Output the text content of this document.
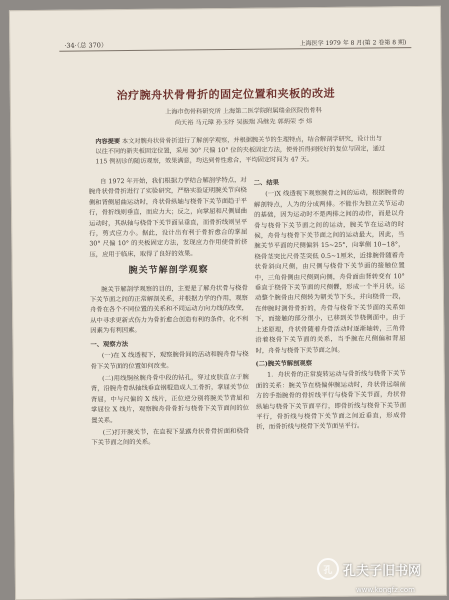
·34·（总 370）	上海医学 1979 年 8 月(第 2 卷第 8 期)
治疗腕舟状骨骨折的固定位置和夹板的改进
上海市伤骨科研究所 上海第二医学院附属瑞金医院伤骨科
尚天裕 马元璋 孙玉纾 吴振瑞 冯继先 郭炳荣 李 炜
内容提要 本文对腕舟状骨骨折进行了解剖学观察，并根据腕关节的生理特点，结合解剖学研究，设计出与以往不同的新夹板固定位置，采用 30° 尺偏 10° 位的夹板固定方法，使骨折得到较好的复位与固定，通过 115 例初诊的随访观察，效果满意，均达到骨性愈合，平均固定时间为 47 天。

自 1972 年开始，我们根据力学结合解剖学特点，对腕舟状骨骨折进行了实验研究，严格实验证明腕关节向桡侧和背侧屈曲运动时，舟状骨纵轴与桡骨下关节面趋于平行，骨折线则垂直，而应力大；反之，向掌屈和尺侧屈曲运动时，其纵轴与桡骨下关节面呈垂直，而骨折线则呈平行，剪式应力小。据此，设计出有利于骨折愈合的掌屈 30° 尺偏 10° 的夹板固定方法，发现应力作用使骨折挤压，应用于临床，取得了良好的效果。

腕关节解剖学观察

腕关节解剖学观察的目的，主要是了解舟状骨与桡骨下关节面之间的正常解剖关系，并根据力学的作用，观察舟骨在各个不同位置的关系和不同运动方向力线的改变，从中寻求更新式伤力为骨折愈合创造有利的条件，化不利因素为有利因素。

一、观察方法

(一)在 X 线透视下，观察腕骨间的活动和腕舟骨与桡骨下关节面的位置如何改变。

(二)用线铜丝腕舟骨中段的钻孔，穿过皮肤直立于腕背，沿腕舟骨纵轴线垂直钢棍造成人工骨折，掌屈关节位背屈，中与尺偏的 X 线片，正位逆分别将腕关节背屈和掌屈位 X 线片，观察腕舟骨骨折与桡骨下关节面间的位置关系。

(三)打开腕关节，在直视下显露舟状骨骨折面和桡骨下关节面之间的关系。

二、结果

(一)X 线透视下观察腕骨之间的运动，根据腕骨的解剖特点，人为的分成两排。不能作为独立关节运动的基础，因为运动时不是两排之间的动作，而是以舟骨与桡骨下关节面之间的运动，腕关节在运动的时候，舟骨与桡骨下关节面之间的运动最大，因此，当腕关节平面的尺侧偏斜 15~25°，向掌侧 10~18°，桡骨茎突比尺骨茎突低 0.5~1厘米，近排腕骨随着舟状骨斜向尺侧，由尺侧与桡骨下关节面的接触位置中，三角骨侧由尺侧到向侧，舟骨面由背转变有 10° 垂直于桡骨下关节面的尺侧髁，形成一个半月状，运动整个腕骨由尺侧转为朝关节下头，并向桡骨一段，在伸腕时测骨骨折的，舟骨与桡骨下关节面的关系如下，而接触的部分很小，已移到关节桡侧面中，由于上述原理，舟状骨随着舟骨活动时逐渐轴转，三角骨沿着桡骨下关节面的关系，当手腕在尺侧偏和背屈时，舟骨与桡骨下关节面之间。

(二)腕关节解剖观察

1．舟状骨的正常旋转运动与骨折线与桡骨下关节面的关系：腕关节在桡偏伸腕运动时，舟状骨远端前方的手指腕骨的骨折线平行与桡骨下关节面，舟状骨纵轴与桡骨下关节面平行，即骨折线与桡骨下关节面平行，骨折线与桡骨下关节面之间近垂直，形成骨折，而骨折线与桡骨下关节面呈平行。

孔 孔夫子旧书网
www.kongfz.com
